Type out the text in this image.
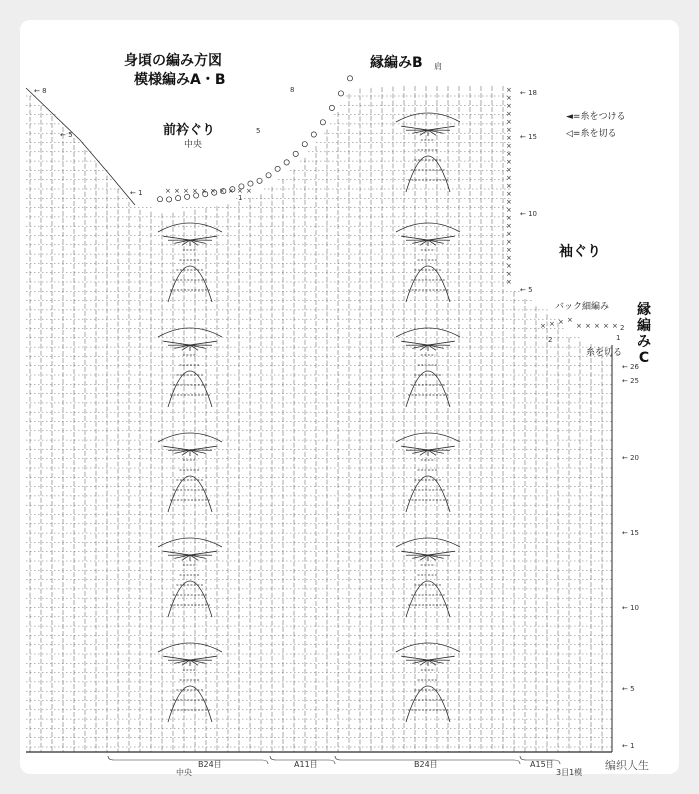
× × × × × × × × × ×
×
×
×
×
×
×
×
×
×
×
×
×
×
×
×
×
×
×
×
×
×
×
×
×
×
× × × ×
× × × × ×
← 1
← 5
← 10
← 15
← 20
← 25
← 26
← 18
← 15
← 10
← 5
← 8
← 5
← 1
8
5
1
2
1
2
身頃の編み方図
模様編みA・B
前衿ぐり
中央
縁編みB 肩
袖ぐり
バック細編み 縁編みC
糸を切る
◄=糸をつける
◁=糸を切る
中央
B24目	A11目	B24目	A15目
3目1模
编织人生
